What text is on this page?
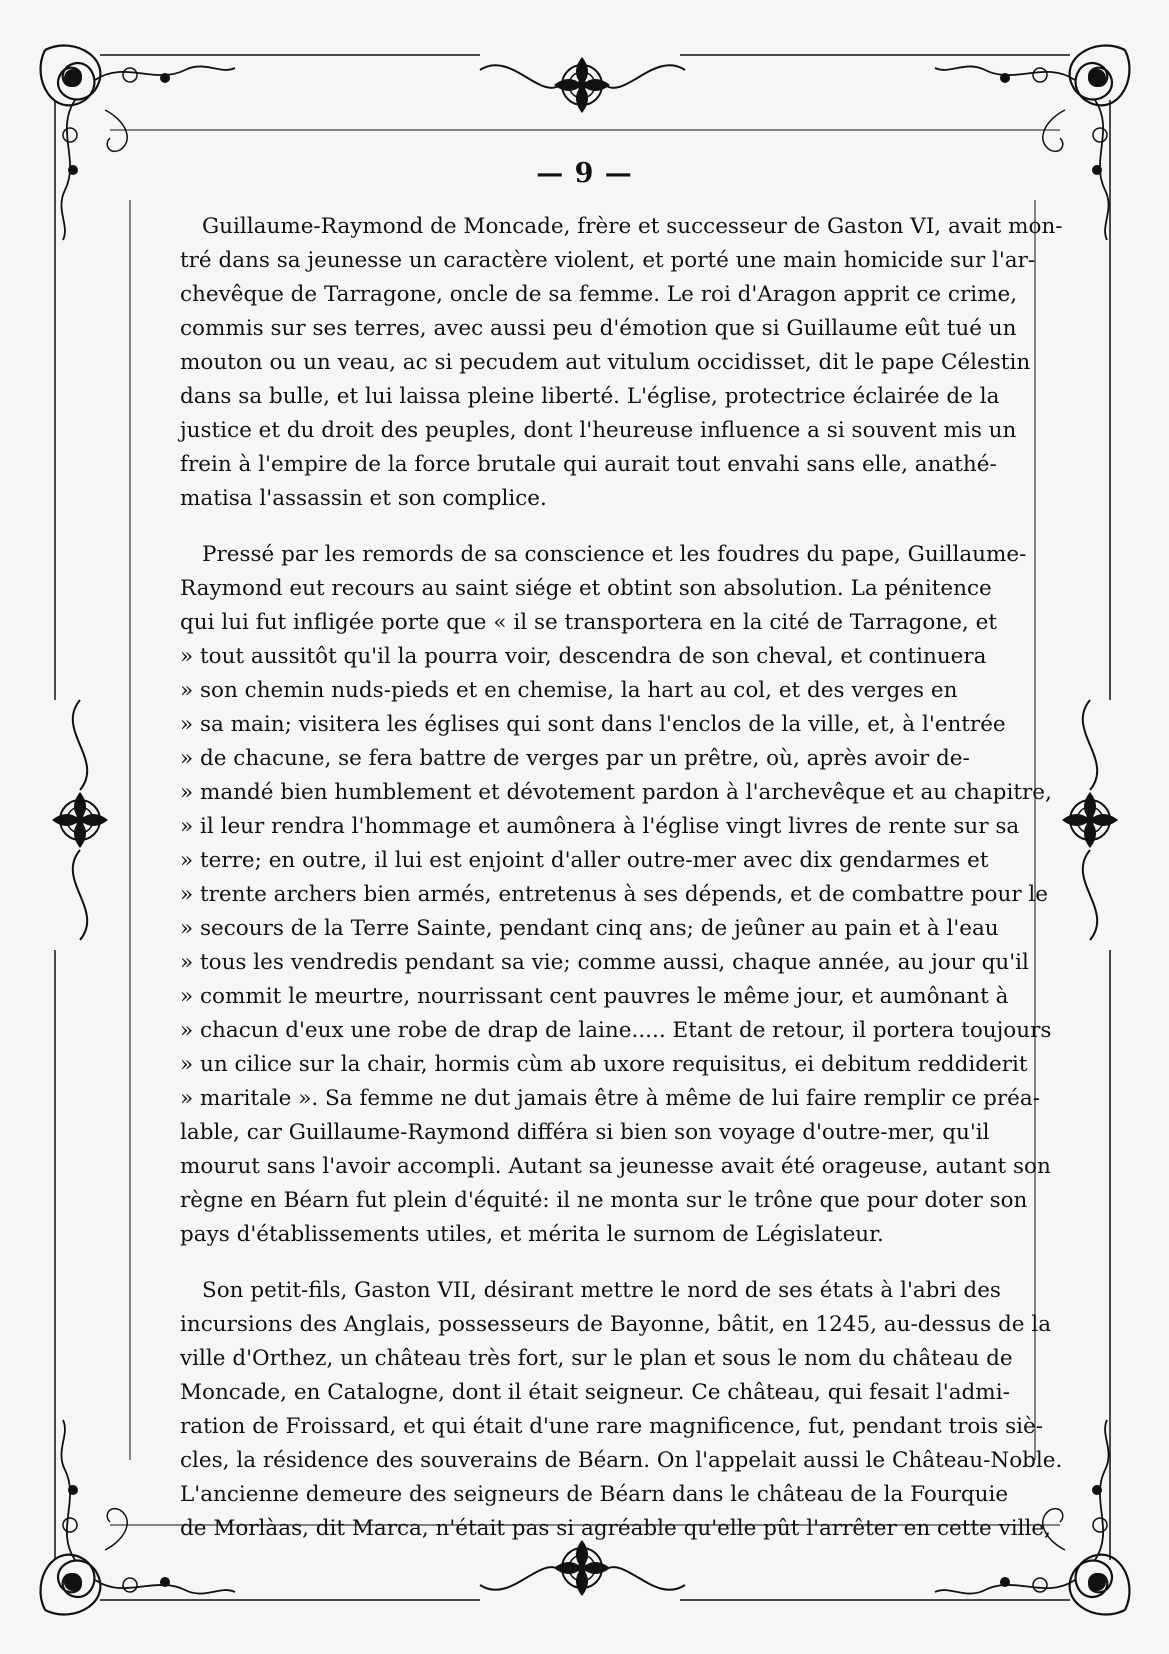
— 9 —
Guillaume-Raymond de Moncade, frère et successeur de Gaston VI, avait mon-
tré dans sa jeunesse un caractère violent, et porté une main homicide sur l'ar-
chevêque de Tarragone, oncle de sa femme. Le roi d'Aragon apprit ce crime,
commis sur ses terres, avec aussi peu d'émotion que si Guillaume eût tué un
mouton ou un veau, ac si pecudem aut vitulum occidisset, dit le pape Célestin
dans sa bulle, et lui laissa pleine liberté. L'église, protectrice éclairée de la
justice et du droit des peuples, dont l'heureuse influence a si souvent mis un
frein à l'empire de la force brutale qui aurait tout envahi sans elle, anathé-
matisa l'assassin et son complice.
Pressé par les remords de sa conscience et les foudres du pape, Guillaume-
Raymond eut recours au saint siége et obtint son absolution. La pénitence
qui lui fut infligée porte que « il se transportera en la cité de Tarragone, et
» tout aussitôt qu'il la pourra voir, descendra de son cheval, et continuera
» son chemin nuds-pieds et en chemise, la hart au col, et des verges en
» sa main; visitera les églises qui sont dans l'enclos de la ville, et, à l'entrée
» de chacune, se fera battre de verges par un prêtre, où, après avoir de-
» mandé bien humblement et dévotement pardon à l'archevêque et au chapitre,
» il leur rendra l'hommage et aumônera à l'église vingt livres de rente sur sa
» terre; en outre, il lui est enjoint d'aller outre-mer avec dix gendarmes et
» trente archers bien armés, entretenus à ses dépends, et de combattre pour le
» secours de la Terre Sainte, pendant cinq ans; de jeûner au pain et à l'eau
» tous les vendredis pendant sa vie; comme aussi, chaque année, au jour qu'il
» commit le meurtre, nourrissant cent pauvres le même jour, et aumônant à
» chacun d'eux une robe de drap de laine..... Etant de retour, il portera toujours
» un cilice sur la chair, hormis cùm ab uxore requisitus, ei debitum reddiderit
» maritale ». Sa femme ne dut jamais être à même de lui faire remplir ce préa-
lable, car Guillaume-Raymond différa si bien son voyage d'outre-mer, qu'il
mourut sans l'avoir accompli. Autant sa jeunesse avait été orageuse, autant son
règne en Béarn fut plein d'équité: il ne monta sur le trône que pour doter son
pays d'établissements utiles, et mérita le surnom de Législateur.
Son petit-fils, Gaston VII, désirant mettre le nord de ses états à l'abri des
incursions des Anglais, possesseurs de Bayonne, bâtit, en 1245, au-dessus de la
ville d'Orthez, un château très fort, sur le plan et sous le nom du château de
Moncade, en Catalogne, dont il était seigneur. Ce château, qui fesait l'admi-
ration de Froissard, et qui était d'une rare magnificence, fut, pendant trois siè-
cles, la résidence des souverains de Béarn. On l'appelait aussi le Château-Noble.
L'ancienne demeure des seigneurs de Béarn dans le château de la Fourquie
de Morlàas, dit Marca, n'était pas si agréable qu'elle pût l'arrêter en cette ville,
